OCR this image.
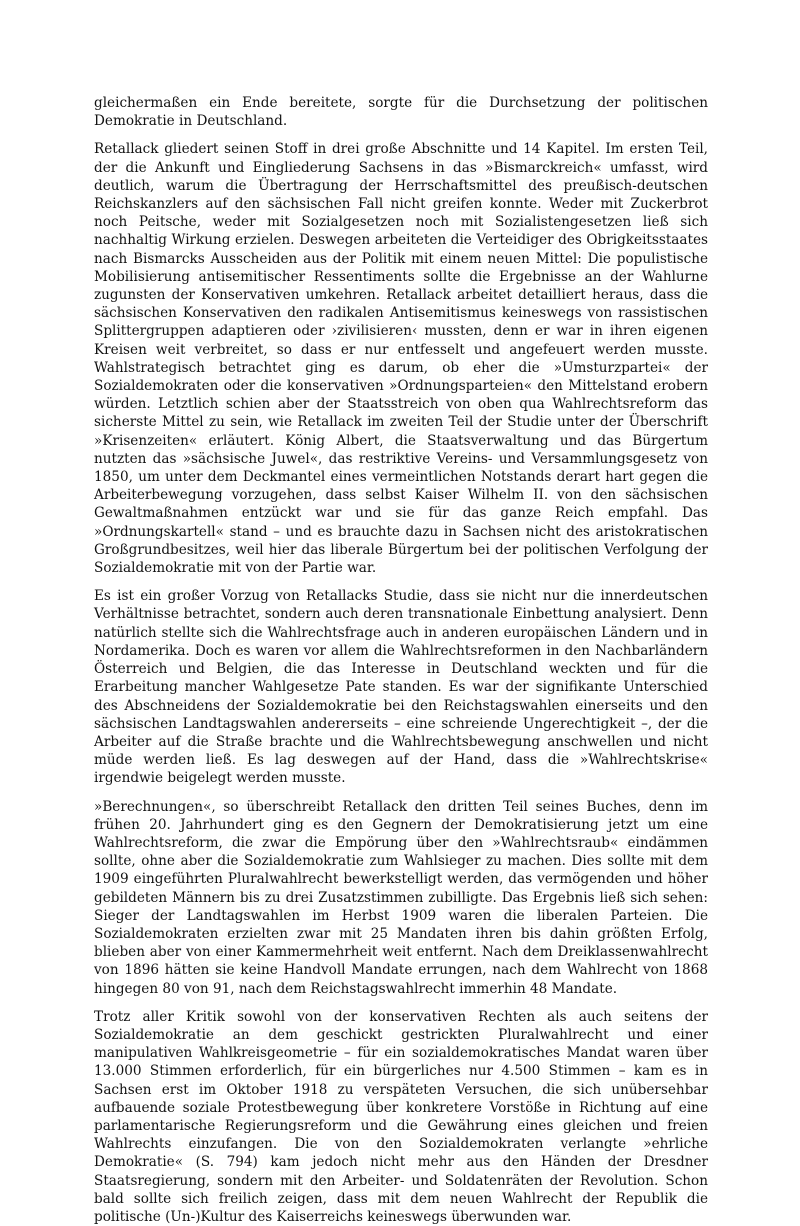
gleichermaßen ein Ende bereitete, sorgte für die Durchsetzung der politischen Demokratie in Deutschland.

Retallack gliedert seinen Stoff in drei große Abschnitte und 14 Kapitel. Im ersten Teil, der die Ankunft und Eingliederung Sachsens in das »Bismarckreich« umfasst, wird deutlich, warum die Übertragung der Herrschaftsmittel des preußisch-deutschen Reichskanzlers auf den sächsischen Fall nicht greifen konnte. Weder mit Zuckerbrot noch Peitsche, weder mit Sozialgesetzen noch mit Sozialistengesetzen ließ sich nachhaltig Wirkung erzielen. Deswegen arbeiteten die Verteidiger des Obrigkeitsstaates nach Bismarcks Ausscheiden aus der Politik mit einem neuen Mittel: Die populistische Mobilisierung antisemitischer Ressentiments sollte die Ergebnisse an der Wahlurne zugunsten der Konservativen umkehren. Retallack arbeitet detailliert heraus, dass die sächsischen Konservativen den radikalen Antisemitismus keineswegs von rassistischen Splittergruppen adaptieren oder ›zivilisieren‹ mussten, denn er war in ihren eigenen Kreisen weit verbreitet, so dass er nur entfesselt und angefeuert werden musste. Wahlstrategisch betrachtet ging es darum, ob eher die »Umsturzpartei« der Sozialdemokraten oder die konservativen »Ordnungsparteien« den Mittelstand erobern würden. Letztlich schien aber der Staatsstreich von oben qua Wahlrechtsreform das sicherste Mittel zu sein, wie Retallack im zweiten Teil der Studie unter der Überschrift »Krisenzeiten« erläutert. König Albert, die Staatsverwaltung und das Bürgertum nutzten das »sächsische Juwel«, das restriktive Vereins- und Versammlungsgesetz von 1850, um unter dem Deckmantel eines vermeintlichen Notstands derart hart gegen die Arbeiterbewegung vorzugehen, dass selbst Kaiser Wilhelm II. von den sächsischen Gewaltmaßnahmen entzückt war und sie für das ganze Reich empfahl. Das »Ordnungskartell« stand – und es brauchte dazu in Sachsen nicht des aristokratischen Großgrundbesitzes, weil hier das liberale Bürgertum bei der politischen Verfolgung der Sozialdemokratie mit von der Partie war.

Es ist ein großer Vorzug von Retallacks Studie, dass sie nicht nur die innerdeutschen Verhältnisse betrachtet, sondern auch deren transnationale Einbettung analysiert. Denn natürlich stellte sich die Wahlrechtsfrage auch in anderen europäischen Ländern und in Nordamerika. Doch es waren vor allem die Wahlrechtsreformen in den Nachbarländern Österreich und Belgien, die das Interesse in Deutschland weckten und für die Erarbeitung mancher Wahlgesetze Pate standen. Es war der signifikante Unterschied des Abschneidens der Sozialdemokratie bei den Reichstagswahlen einerseits und den sächsischen Landtagswahlen andererseits – eine schreiende Ungerechtigkeit –, der die Arbeiter auf die Straße brachte und die Wahlrechtsbewegung anschwellen und nicht müde werden ließ. Es lag deswegen auf der Hand, dass die »Wahlrechtskrise« irgendwie beigelegt werden musste.

»Berechnungen«, so überschreibt Retallack den dritten Teil seines Buches, denn im frühen 20. Jahrhundert ging es den Gegnern der Demokratisierung jetzt um eine Wahlrechtsreform, die zwar die Empörung über den »Wahlrechtsraub« eindämmen sollte, ohne aber die Sozialdemokratie zum Wahlsieger zu machen. Dies sollte mit dem 1909 eingeführten Pluralwahlrecht bewerkstelligt werden, das vermögenden und höher gebildeten Männern bis zu drei Zusatzstimmen zubilligte. Das Ergebnis ließ sich sehen: Sieger der Landtagswahlen im Herbst 1909 waren die liberalen Parteien. Die Sozialdemokraten erzielten zwar mit 25 Mandaten ihren bis dahin größten Erfolg, blieben aber von einer Kammermehrheit weit entfernt. Nach dem Dreiklassenwahlrecht von 1896 hätten sie keine Handvoll Mandate errungen, nach dem Wahlrecht von 1868 hingegen 80 von 91, nach dem Reichstagswahlrecht immerhin 48 Mandate.

Trotz aller Kritik sowohl von der konservativen Rechten als auch seitens der Sozialdemokratie an dem geschickt gestrickten Pluralwahlrecht und einer manipulativen Wahlkreisgeometrie – für ein sozialdemokratisches Mandat waren über 13.000 Stimmen erforderlich, für ein bürgerliches nur 4.500 Stimmen – kam es in Sachsen erst im Oktober 1918 zu verspäteten Versuchen, die sich unübersehbar aufbauende soziale Protestbewegung über konkretere Vorstöße in Richtung auf eine parlamentarische Regierungsreform und die Gewährung eines gleichen und freien Wahlrechts einzufangen. Die von den Sozialdemokraten verlangte »ehrliche Demokratie« (S. 794) kam jedoch nicht mehr aus den Händen der Dresdner Staatsregierung, sondern mit den Arbeiter- und Soldatenräten der Revolution. Schon bald sollte sich freilich zeigen, dass mit dem neuen Wahlrecht der Republik die politische (Un-)Kultur des Kaiserreichs keineswegs überwunden war.
